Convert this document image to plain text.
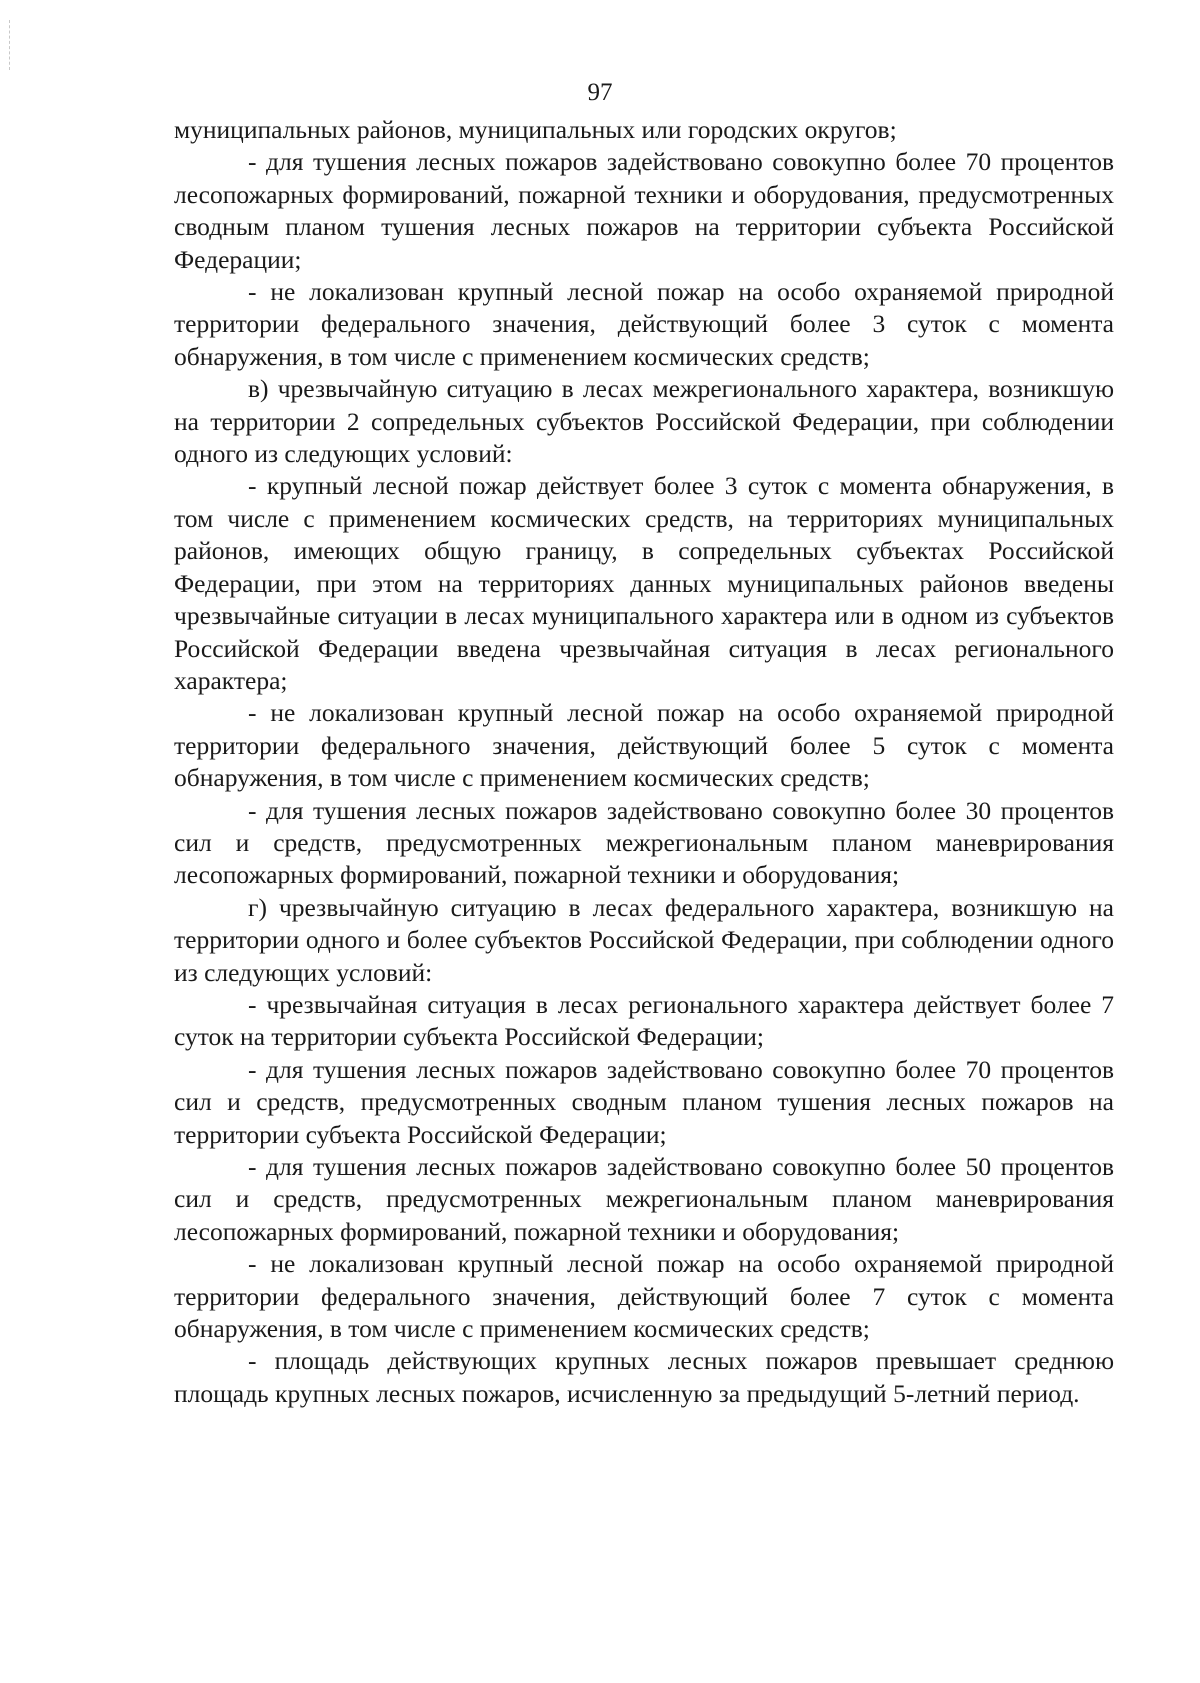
97

муниципальных районов, муниципальных или городских округов;

- для тушения лесных пожаров задействовано совокупно более 70 процентов лесопожарных формирований, пожарной техники и оборудования, предусмотренных сводным планом тушения лесных пожаров на территории субъекта Российской Федерации;

- не локализован крупный лесной пожар на особо охраняемой природной территории федерального значения, действующий более 3 суток с момента обнаружения, в том числе с применением космических средств;

в) чрезвычайную ситуацию в лесах межрегионального характера, возникшую на территории 2 сопредельных субъектов Российской Федерации, при соблюдении одного из следующих условий:

- крупный лесной пожар действует более 3 суток с момента обнаружения, в том числе с применением космических средств, на территориях муниципальных районов, имеющих общую границу, в сопредельных субъектах Российской Федерации, при этом на территориях данных муниципальных районов введены чрезвычайные ситуации в лесах муниципального характера или в одном из субъектов Российской Федерации введена чрезвычайная ситуация в лесах регионального характера;

- не локализован крупный лесной пожар на особо охраняемой природной территории федерального значения, действующий более 5 суток с момента обнаружения, в том числе с применением космических средств;

- для тушения лесных пожаров задействовано совокупно более 30 процентов сил и средств, предусмотренных межрегиональным планом маневрирования лесопожарных формирований, пожарной техники и оборудования;

г) чрезвычайную ситуацию в лесах федерального характера, возникшую на территории одного и более субъектов Российской Федерации, при соблюдении одного из следующих условий:

- чрезвычайная ситуация в лесах регионального характера действует более 7 суток на территории субъекта Российской Федерации;

- для тушения лесных пожаров задействовано совокупно более 70 процентов сил и средств, предусмотренных сводным планом тушения лесных пожаров на территории субъекта Российской Федерации;

- для тушения лесных пожаров задействовано совокупно более 50 процентов сил и средств, предусмотренных межрегиональным планом маневрирования лесопожарных формирований, пожарной техники и оборудования;

- не локализован крупный лесной пожар на особо охраняемой природной территории федерального значения, действующий более 7 суток с момента обнаружения, в том числе с применением космических средств;

- площадь действующих крупных лесных пожаров превышает среднюю площадь крупных лесных пожаров, исчисленную за предыдущий 5-летний период.
